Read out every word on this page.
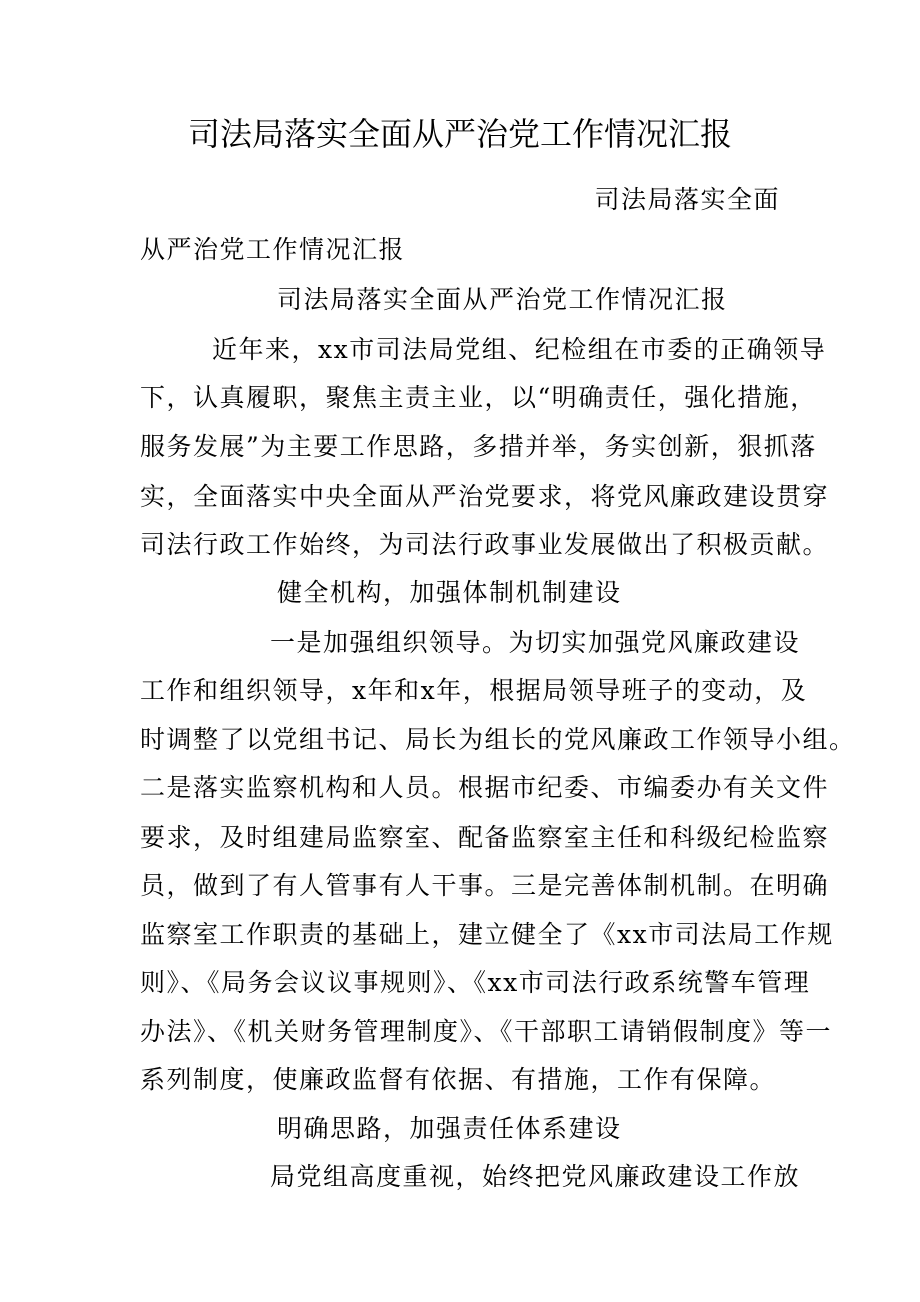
司法局落实全面从严治党工作情况汇报
司法局落实全面
从严治党工作情况汇报
司法局落实全面从严治党工作情况汇报
近年来，xx市司法局党组、纪检组在市委的正确领导
下，认真履职，聚焦主责主业，以“明确责任，强化措施，
服务发展”为主要工作思路，多措并举，务实创新，狠抓落
实，全面落实中央全面从严治党要求，将党风廉政建设贯穿
司法行政工作始终，为司法行政事业发展做出了积极贡献。
健全机构，加强体制机制建设
一是加强组织领导。为切实加强党风廉政建设
工作和组织领导，x年和x年，根据局领导班子的变动，及
时调整了以党组书记、局长为组长的党风廉政工作领导小组。
二是落实监察机构和人员。根据市纪委、市编委办有关文件
要求，及时组建局监察室、配备监察室主任和科级纪检监察
员，做到了有人管事有人干事。三是完善体制机制。在明确
监察室工作职责的基础上，建立健全了《xx市司法局工作规
则》、《局务会议议事规则》、《xx市司法行政系统警车管理
办法》、《机关财务管理制度》、《干部职工请销假制度》等一
系列制度，使廉政监督有依据、有措施，工作有保障。
明确思路，加强责任体系建设
局党组高度重视，始终把党风廉政建设工作放
